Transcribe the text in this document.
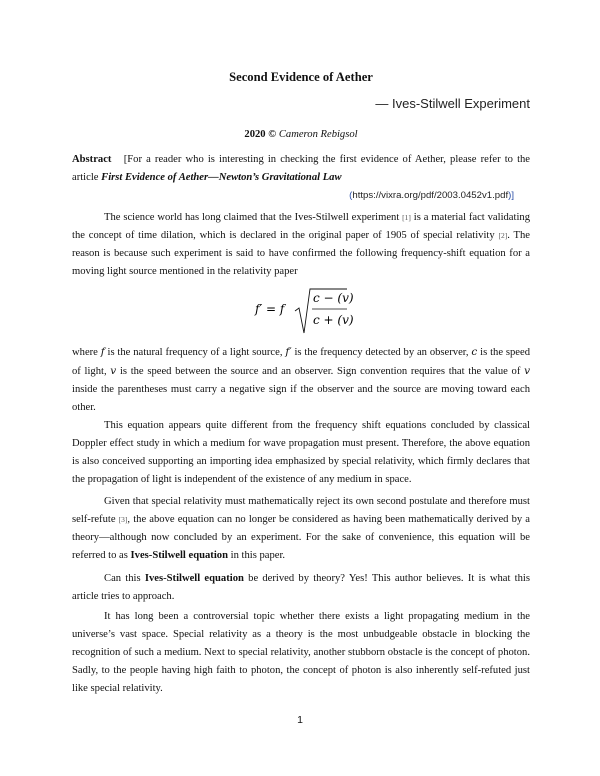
Second Evidence of Aether
— Ives-Stilwell Experiment
2020 © Cameron Rebigsol
Abstract [For a reader who is interesting in checking the first evidence of Aether, please refer to the article First Evidence of Aether—Newton’s Gravitational Law
(https://vixra.org/pdf/2003.0452v1.pdf)]
The science world has long claimed that the Ives-Stilwell experiment [1] is a material fact validating the concept of time dilation, which is declared in the original paper of 1905 of special relativity [2]. The reason is because such experiment is said to have confirmed the following frequency-shift equation for a moving light source mentioned in the relativity paper
f′ = f
c − (v)
c + (v)
where f is the natural frequency of a light source, f′ is the frequency detected by an observer, c is the speed of light, v is the speed between the source and an observer. Sign convention requires that the value of v inside the parentheses must carry a negative sign if the observer and the source are moving toward each other.
This equation appears quite different from the frequency shift equations concluded by classical Doppler effect study in which a medium for wave propagation must present. Therefore, the above equation is also conceived supporting an importing idea emphasized by special relativity, which firmly declares that the propagation of light is independent of the existence of any medium in space.
Given that special relativity must mathematically reject its own second postulate and therefore must self-refute [3], the above equation can no longer be considered as having been mathematically derived by a theory—although now concluded by an experiment. For the sake of convenience, this equation will be referred to as Ives-Stilwell equation in this paper.
Can this Ives-Stilwell equation be derived by theory? Yes! This author believes. It is what this article tries to approach.
It has long been a controversial topic whether there exists a light propagating medium in the universe’s vast space. Special relativity as a theory is the most unbudgeable obstacle in blocking the recognition of such a medium. Next to special relativity, another stubborn obstacle is the concept of photon. Sadly, to the people having high faith to photon, the concept of photon is also inherently self-refuted just like special relativity.
1
